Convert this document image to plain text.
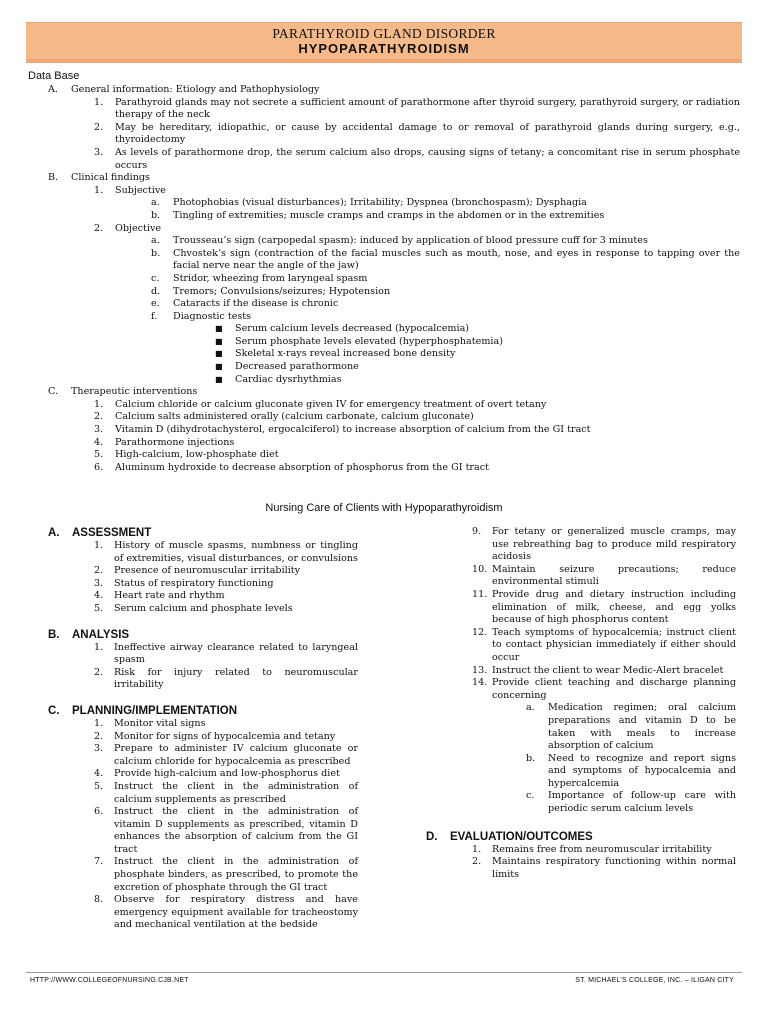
PARATHYROID GLAND DISORDER
HYPOPARATHYROIDISM
Data Base
A.	General information: Etiology and Pathophysiology
1.	Parathyroid glands may not secrete a sufficient amount of parathormone after thyroid surgery, parathyroid surgery, or radiation therapy of the neck
2.	May be hereditary, idiopathic, or cause by accidental damage to or removal of parathyroid glands during surgery, e.g., thyroidectomy
3.	As levels of parathormone drop, the serum calcium also drops, causing signs of tetany; a concomitant rise in serum phosphate occurs
B.	Clinical findings
1.	Subjective
a.	Photophobias (visual disturbances); Irritability; Dyspnea (bronchospasm); Dysphagia
b.	Tingling of extremities; muscle cramps and cramps in the abdomen or in the extremities
2.	Objective
a.	Trousseau’s sign (carpopedal spasm): induced by application of blood pressure cuff for 3 minutes
b.	Chvostek’s sign (contraction of the facial muscles such as mouth, nose, and eyes in response to tapping over the facial nerve near the angle of the jaw)
c.	Stridor, wheezing from laryngeal spasm
d.	Tremors; Convulsions/seizures; Hypotension
e.	Cataracts if the disease is chronic
f.	Diagnostic tests
■	Serum calcium levels decreased (hypocalcemia)
■	Serum phosphate levels elevated (hyperphosphatemia)
■	Skeletal x-rays reveal increased bone density
■	Decreased parathormone
■	Cardiac dysrhythmias
C.	Therapeutic interventions
1.	Calcium chloride or calcium gluconate given IV for emergency treatment of overt tetany
2.	Calcium salts administered orally (calcium carbonate, calcium gluconate)
3.	Vitamin D (dihydrotachysterol, ergocalciferol) to increase absorption of calcium from the GI tract
4.	Parathormone injections
5.	High-calcium, low-phosphate diet
6.	Aluminum hydroxide to decrease absorption of phosphorus from the GI tract
Nursing Care of Clients with Hypoparathyroidism
A.	ASSESSMENT
1.	History of muscle spasms, numbness or tingling of extremities, visual disturbances, or convulsions
2.	Presence of neuromuscular irritability
3.	Status of respiratory functioning
4.	Heart rate and rhythm
5.	Serum calcium and phosphate levels
B.	ANALYSIS
1.	Ineffective airway clearance related to laryngeal spasm
2.	Risk for injury related to neuromuscular irritability
C.	PLANNING/IMPLEMENTATION
1.	Monitor vital signs
2.	Monitor for signs of hypocalcemia and tetany
3.	Prepare to administer IV calcium gluconate or calcium chloride for hypocalcemia as prescribed
4.	Provide high-calcium and low-phosphorus diet
5.	Instruct the client in the administration of calcium supplements as prescribed
6.	Instruct the client in the administration of vitamin D supplements as prescribed, vitamin D enhances the absorption of calcium from the GI tract
7.	Instruct the client in the administration of phosphate binders, as prescribed, to promote the excretion of phosphate through the GI tract
8.	Observe for respiratory distress and have emergency equipment available for tracheostomy and mechanical ventilation at the bedside
9.	For tetany or generalized muscle cramps, may use rebreathing bag to produce mild respiratory acidosis
10. Maintain seizure precautions; reduce environmental stimuli
11. Provide drug and dietary instruction including elimination of milk, cheese, and egg yolks because of high phosphorus content
12. Teach symptoms of hypocalcemia; instruct client to contact physician immediately if either should occur
13. Instruct the client to wear Medic-Alert bracelet
14. Provide client teaching and discharge planning concerning
a.	Medication regimen; oral calcium preparations and vitamin D to be taken with meals to increase absorption of calcium
b.	Need to recognize and report signs and symptoms of hypocalcemia and hypercalcemia
c.	Importance of follow-up care with periodic serum calcium levels
D.	EVALUATION/OUTCOMES
1.	Remains free from neuromuscular irritability
2.	Maintains respiratory functioning within normal limits
HTTP://WWW.COLLEGEOFNURSING.CJB.NET	ST. MICHAEL’S COLLEGE, INC. – ILIGAN CITY
